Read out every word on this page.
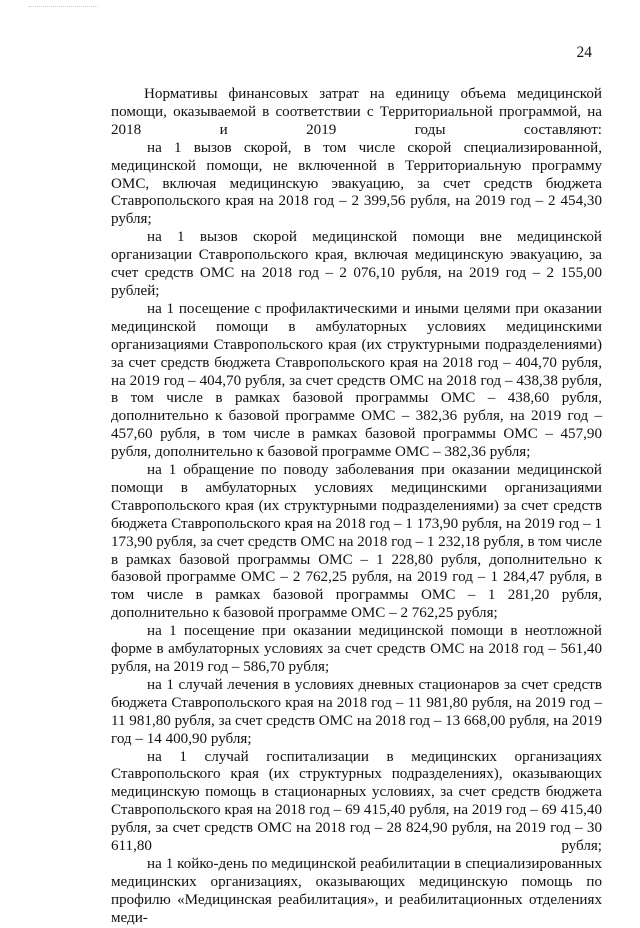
24

Нормативы финансовых затрат на единицу объема медицинской помощи, оказываемой в соответствии с Территориальной программой, на 2018 и 2019 годы составляют:

на 1 вызов скорой, в том числе скорой специализированной, медицинской помощи, не включенной в Территориальную программу ОМС, включая медицинскую эвакуацию, за счет средств бюджета Ставропольского края на 2018 год – 2 399,56 рубля, на 2019 год – 2 454,30 рубля;

на 1 вызов скорой медицинской помощи вне медицинской организации Ставропольского края, включая медицинскую эвакуацию, за счет средств ОМС на 2018 год – 2 076,10 рубля, на 2019 год – 2 155,00 рублей;

на 1 посещение с профилактическими и иными целями при оказании медицинской помощи в амбулаторных условиях медицинскими организациями Ставропольского края (их структурными подразделениями) за счет средств бюджета Ставропольского края на 2018 год – 404,70 рубля, на 2019 год – 404,70 рубля, за счет средств ОМС на 2018 год – 438,38 рубля, в том числе в рамках базовой программы ОМС – 438,60 рубля, дополнительно к базовой программе ОМС – 382,36 рубля, на 2019 год – 457,60 рубля, в том числе в рамках базовой программы ОМС – 457,90 рубля, дополнительно к базовой программе ОМС – 382,36 рубля;

на 1 обращение по поводу заболевания при оказании медицинской помощи в амбулаторных условиях медицинскими организациями Ставропольского края (их структурными подразделениями) за счет средств бюджета Ставропольского края на 2018 год – 1 173,90 рубля, на 2019 год – 1 173,90 рубля, за счет средств ОМС на 2018 год – 1 232,18 рубля, в том числе в рамках базовой программы ОМС – 1 228,80 рубля, дополнительно к базовой программе ОМС – 2 762,25 рубля, на 2019 год – 1 284,47 рубля, в том числе в рамках базовой программы ОМС – 1 281,20 рубля, дополнительно к базовой программе ОМС – 2 762,25 рубля;

на 1 посещение при оказании медицинской помощи в неотложной форме в амбулаторных условиях за счет средств ОМС на 2018 год – 561,40 рубля, на 2019 год – 586,70 рубля;

на 1 случай лечения в условиях дневных стационаров за счет средств бюджета Ставропольского края на 2018 год – 11 981,80 рубля, на 2019 год – 11 981,80 рубля, за счет средств ОМС на 2018 год – 13 668,00 рубля, на 2019 год – 14 400,90 рубля;

на 1 случай госпитализации в медицинских организациях Ставропольского края (их структурных подразделениях), оказывающих медицинскую помощь в стационарных условиях, за счет средств бюджета Ставропольского края на 2018 год – 69 415,40 рубля, на 2019 год – 69 415,40 рубля, за счет средств ОМС на 2018 год – 28 824,90 рубля, на 2019 год – 30 611,80 рубля;

на 1 койко-день по медицинской реабилитации в специализированных медицинских организациях, оказывающих медицинскую помощь по профилю «Медицинская реабилитация», и реабилитационных отделениях меди-
